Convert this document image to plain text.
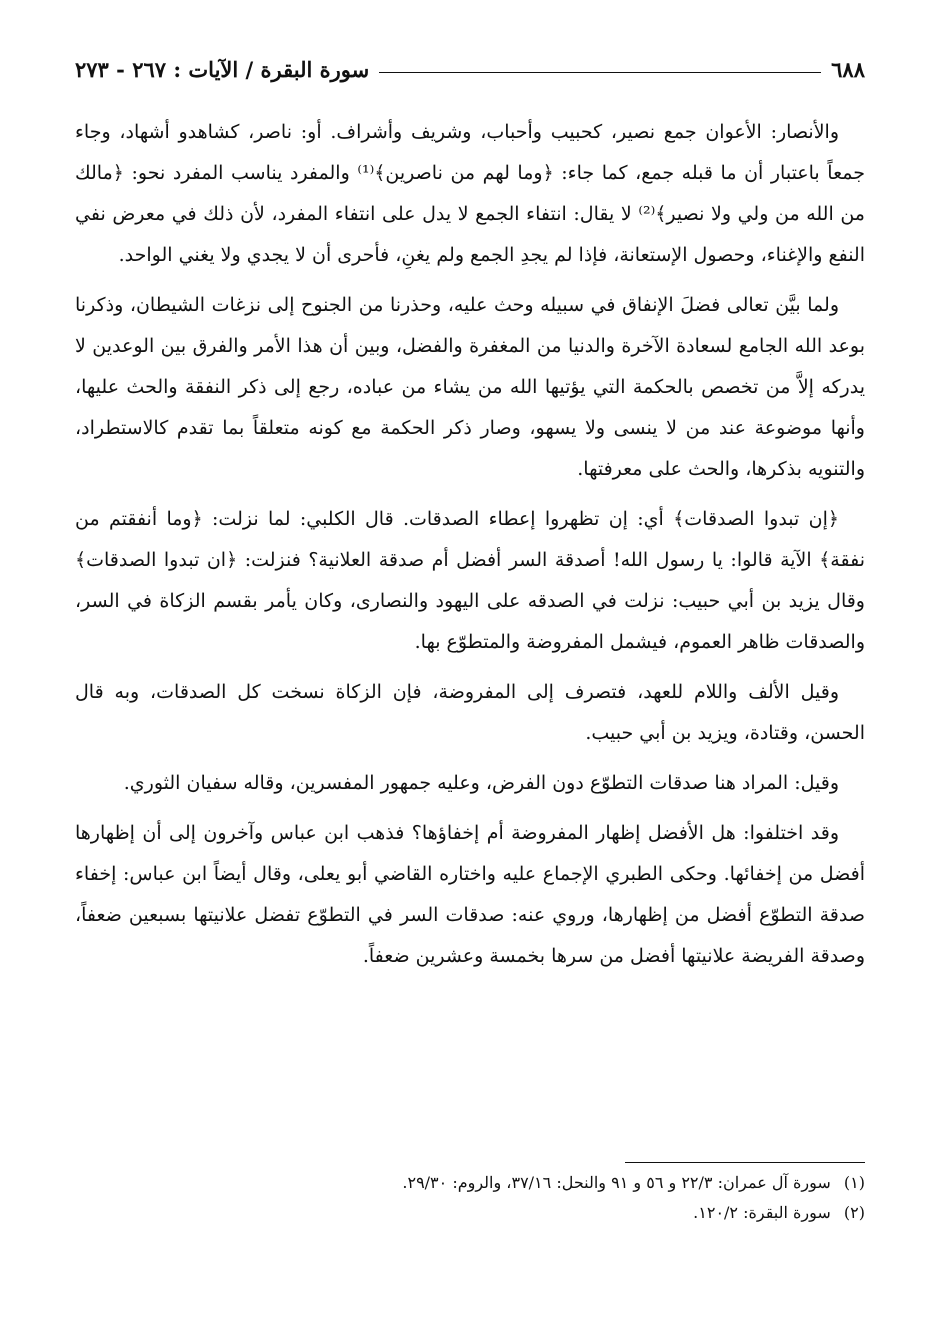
٦٨٨
سورة البقرة / الآيات : ٢٦٧ - ٢٧٣

والأنصار: الأعوان جمع نصير، كحبيب وأحباب، وشريف وأشراف. أو: ناصر، كشاهدو أشهاد، وجاء جمعاً باعتبار أن ما قبله جمع، كما جاء: ﴿وما لهم من ناصرين﴾⁽¹⁾ والمفرد يناسب المفرد نحو: ﴿مالك من الله من ولي ولا نصير﴾⁽²⁾ لا يقال: انتفاء الجمع لا يدل على انتفاء المفرد، لأن ذلك في معرض نفي النفع والإغناء، وحصول الإستعانة، فإذا لم يجدِ الجمع ولم يغنِ، فأحرى أن لا يجدي ولا يغني الواحد.

ولما بيَّن تعالى فضلَ الإنفاق في سبيله وحث عليه، وحذرنا من الجنوح إلى نزغات الشيطان، وذكرنا بوعد الله الجامع لسعادة الآخرة والدنيا من المغفرة والفضل، وبين أن هذا الأمر والفرق بين الوعدين لا يدركه إلاَّ من تخصص بالحكمة التي يؤتيها الله من يشاء من عباده، رجع إلى ذكر النفقة والحث عليها، وأنها موضوعة عند من لا ينسى ولا يسهو، وصار ذكر الحكمة مع كونه متعلقاً بما تقدم كالاستطراد، والتنويه بذكرها، والحث على معرفتها.

﴿إن تبدوا الصدقات﴾ أي: إن تظهروا إعطاء الصدقات. قال الكلبي: لما نزلت: ﴿وما أنفقتم من نفقة﴾ الآية قالوا: يا رسول الله! أصدقة السر أفضل أم صدقة العلانية؟ فنزلت: ﴿ان تبدوا الصدقات﴾ وقال يزيد بن أبي حبيب: نزلت في الصدقه على اليهود والنصارى، وكان يأمر بقسم الزكاة في السر، والصدقات ظاهر العموم، فيشمل المفروضة والمتطوّع بها.

وقيل الألف واللام للعهد، فتصرف إلى المفروضة، فإن الزكاة نسخت كل الصدقات، وبه قال الحسن، وقتادة، ويزيد بن أبي حبيب.

وقيل: المراد هنا صدقات التطوّع دون الفرض، وعليه جمهور المفسرين، وقاله سفيان الثوري.

وقد اختلفوا: هل الأفضل إظهار المفروضة أم إخفاؤها؟ فذهب ابن عباس وآخرون إلى أن إظهارها أفضل من إخفائها. وحكى الطبري الإجماع عليه واختاره القاضي أبو يعلى، وقال أيضاً ابن عباس: إخفاء صدقة التطوّع أفضل من إظهارها، وروي عنه: صدقات السر في التطوّع تفضل علانيتها بسبعين ضعفاً، وصدقة الفريضة علانيتها أفضل من سرها بخمسة وعشرين ضعفاً.

(١) سورة آل عمران: ٢٢/٣ و ٥٦ و ٩١ والنحل: ٣٧/١٦، والروم: ٢٩/٣٠.

(٢) سورة البقرة: ١٢٠/٢.
